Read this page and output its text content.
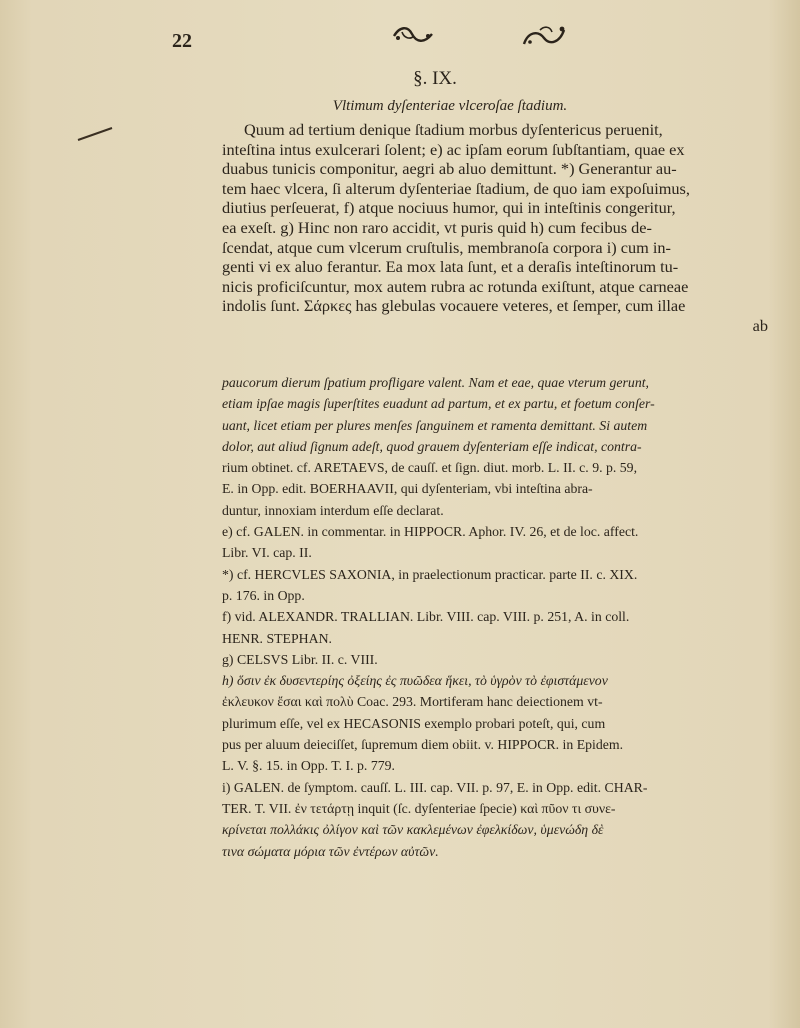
22
§. IX.
Vltimum dyſenteriae vlceroſae ſtadium.
Quum ad tertium denique ſtadium morbus dyſentericus peruenit,
inteſtina intus exulcerari ſolent; e) ac ipſam eorum ſubſtantiam, quae ex
duabus tunicis componitur, aegri ab aluo demittunt. *) Generantur au-
tem haec vlcera, ſi alterum dyſenteriae ſtadium, de quo iam expoſuimus,
diutius perſeuerat, f) atque nociuus humor, qui in inteſtinis congeritur,
ea exeſt. g) Hinc non raro accidit, vt puris quid h) cum fecibus de-
ſcendat, atque cum vlcerum cruſtulis, membranoſa corpora i) cum in-
genti vi ex aluo ferantur. Ea mox lata ſunt, et a deraſis inteſtinorum tu-
nicis proficiſcuntur, mox autem rubra ac rotunda exiſtunt, atque carneae
indolis ſunt. Σάρκες has glebulas vocauere veteres, et ſemper, cum illae
ab
paucorum dierum ſpatium profligare valent. Nam et eae, quae vterum gerunt,
etiam ipſae magis ſuperſtites euadunt ad partum, et ex partu, et foetum conſer-
uant, licet etiam per plures menſes ſanguinem et ramenta demittant. Si autem
dolor, aut aliud ſignum adeſt, quod grauem dyſenteriam eſſe indicat, contra-
rium obtinet. cf. ARETAEVS, de cauſſ. et ſign. diut. morb. L. II. c. 9. p. 59,
E. in Opp. edit. BOERHAAVII, qui dyſenteriam, vbi inteſtina abra-
duntur, innoxiam interdum eſſe declarat.
e) cf. GALEN. in commentar. in HIPPOCR. Aphor. IV. 26, et de loc. affect.
Libr. VI. cap. II.
*) cf. HERCVLES SAXONIA, in praelectionum practicar. parte II. c. XIX.
p. 176. in Opp.
f) vid. ALEXANDR. TRALLIAN. Libr. VIII. cap. VIII. p. 251, A. in coll.
HENR. STEPHAN.
g) CELSVS Libr. II. c. VIII.
h) ὅσιν ἐκ δυσεντερίης ὀξείης ἐς πυῶδεα ἥκει, τὸ ὑγρὸν τὸ ἐφιστάμενον
ἐκλευκον ἔσαι καὶ πολὺ Coac. 293. Mortiferam hanc deiectionem vt-
plurimum eſſe, vel ex HECASONIS exemplo probari poteſt, qui, cum
pus per aluum deieciſſet, ſupremum diem obiit. v. HIPPOCR. in Epidem.
L. V. §. 15. in Opp. T. I. p. 779.
i) GALEN. de ſymptom. cauſſ. L. III. cap. VII. p. 97, E. in Opp. edit. CHAR-
TER. T. VII. ἐν τετάρτῃ inquit (ſc. dyſenteriae ſpecie) καὶ πῦον τι συνε-
κρίνεται πολλάκις ὀλίγον καὶ τῶν κακλεμένων ἐφελκίδων, ὑμενώδη δὲ
τινα σώματα μόρια τῶν ἐντέρων αὐτῶν.
